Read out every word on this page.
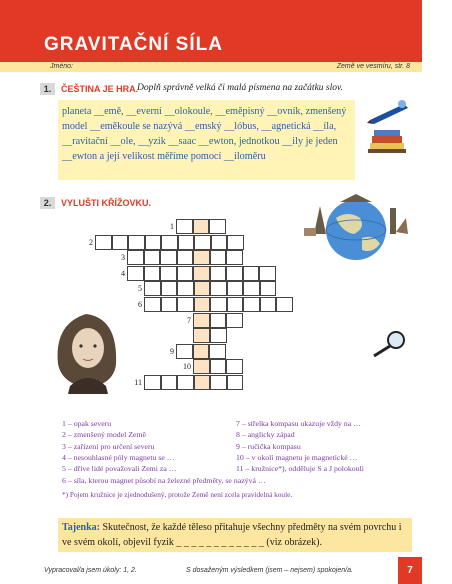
GRAVITAČNÍ SÍLA
Jméno:	Země ve vesmíru, str. 8
1.	ČEŠTINA JE HRA.
Doplň správně velká či malá písmena na začátku slov.
planeta __emě, __everní __olokoule, __eměpisný __ovník, zmenšený model __eměkoule se nazývá __emský __lóbus, __agnetická __íla, __ravitační __ole, __yzik __saac __ewton, jednotkou __ily je jeden __ewton a její velikost měříme pomocí __iloměru
2.	VYLUŠTI KŘÍŽOVKU.
1
2
3
4
5
6
7
9
10
11
1 – opak severu
2 – zmenšený model Země
3 – zařízení pro určení severu
4 – nesouhlasné póly magnetu se …
5 – dříve lidé považovali Zemi za …
6 – síla, kterou magnet působí na železné předměty, se nazývá …
7 – střelka kompasu ukazuje vždy na …
8 – anglicky západ
9 – ručička kompasu
10 – v okolí magnetu je magnetické …
11 – kružnice*), odděluje S a J polokouli
*) Pojem kružnice je zjednodušený, protože Země není zcela pravidelná koule.
Tajenka: Skutečnost, že každé těleso přitahuje všechny předměty na svém povrchu i ve svém okolí, objevil fyzik _ _ _ _ _ _ _ _ _ _ _ _ (viz obrázek).
Vypracoval/a jsem úkoly: 1, 2.	S dosaženým výsledkem (jsem – nejsem) spokojen/a.	7
